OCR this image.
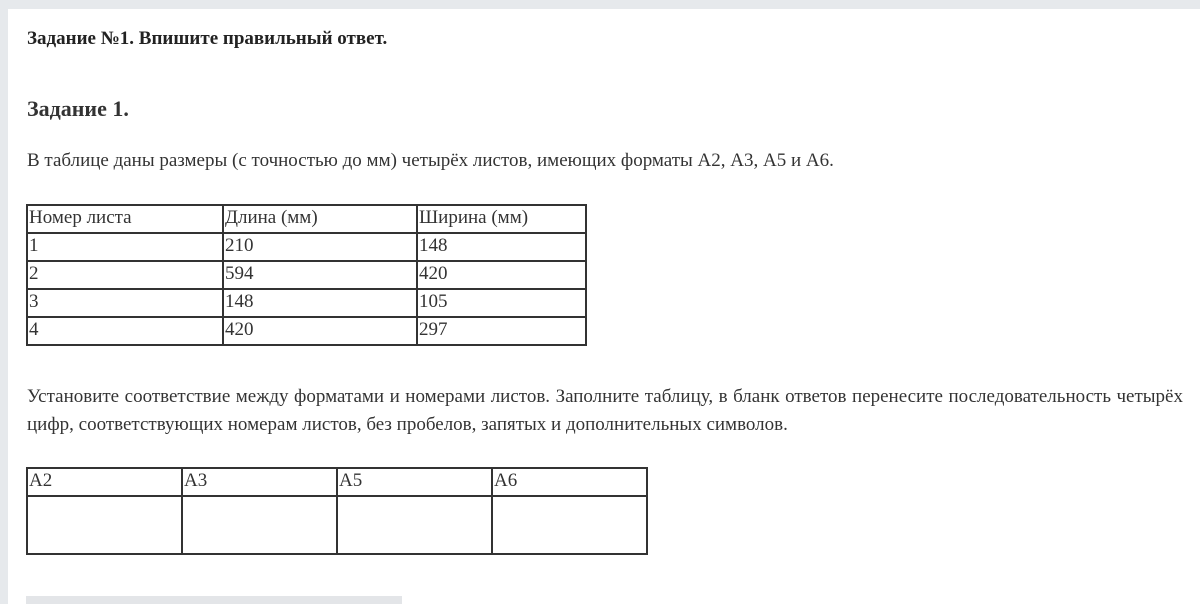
Задание №1. Впишите правильный ответ.
Задание 1.
В таблице даны размеры (с точностью до мм) четырёх листов, имеющих форматы А2, А3, А5 и А6.
Номер листа	Длина (мм)	Ширина (мм)
1	210	148
2	594	420
3	148	105
4	420	297
Установите соответствие между форматами и номерами листов. Заполните таблицу, в бланк ответов перенесите последовательность четырёх цифр, соответствующих номерам листов, без пробелов, запятых и дополнительных символов.
А2	А3	А5	А6
